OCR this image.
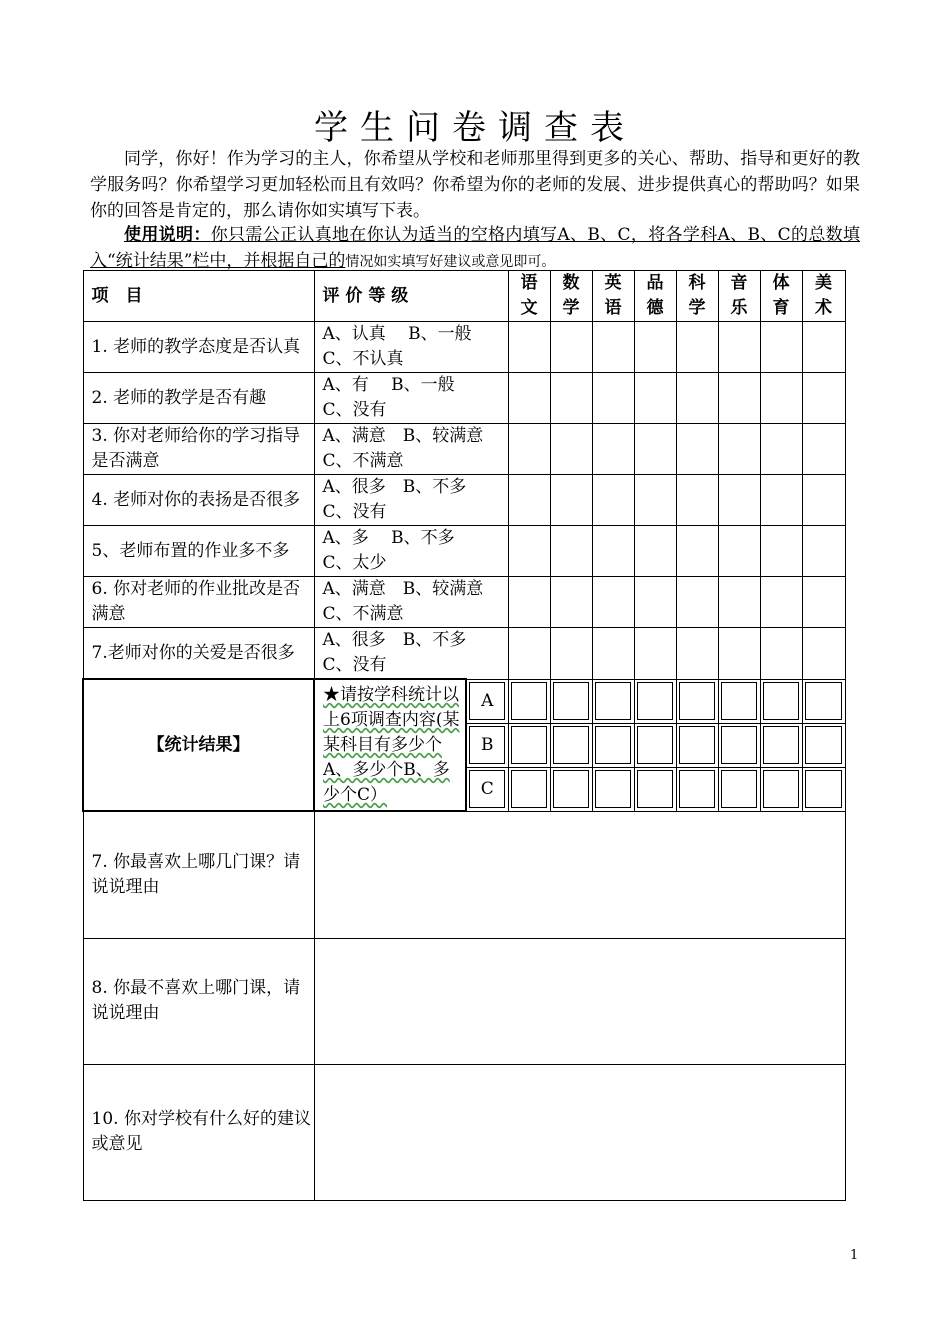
学生问卷调查表
同学，你好！作为学习的主人，你希望从学校和老师那里得到更多的关心、帮助、指导和更好的教学服务吗？你希望学习更加轻松而且有效吗？你希望为你的老师的发展、进步提供真心的帮助吗？如果你的回答是肯定的，那么请你如实填写下表。
使用说明：你只需公正认真地在你认为适当的空格内填写A、B、C，将各学科A、B、C的总数填入“统计结果”栏中，并根据自己的情况如实填写好建议或意见即可。
项　目	评 价 等 级		语文	数学	英语	品德	科学	音乐	体育	美术
1. 老师的教学态度是否认真	A、认真　 B、一般
C、不认真									

2. 老师的教学是否有趣	A、有　 B、一般
C、没有									

3. 你对老师给你的学习指导是否满意	A、满意　B、较满意
C、不满意									

4. 老师对你的表扬是否很多	A、很多　B、不多
C、没有									

5、老师布置的作业多不多	A、多　 B、不多
C、太少									

6. 你对老师的作业批改是否满意	A、满意　B、较满意
C、不满意									

7.老师对你的关爱是否很多	A、很多　B、不多
C、没有									

【统计结果】	★请按学科统计以上6项调查内容(某某科目有多少个A、多少个B、多少个C）	A								
		B								
		C								
7. 你最喜欢上哪几门课？请说说理由										
8. 你最不喜欢上哪门课，请说说理由										
10. 你对学校有什么好的建议或意见										
1
